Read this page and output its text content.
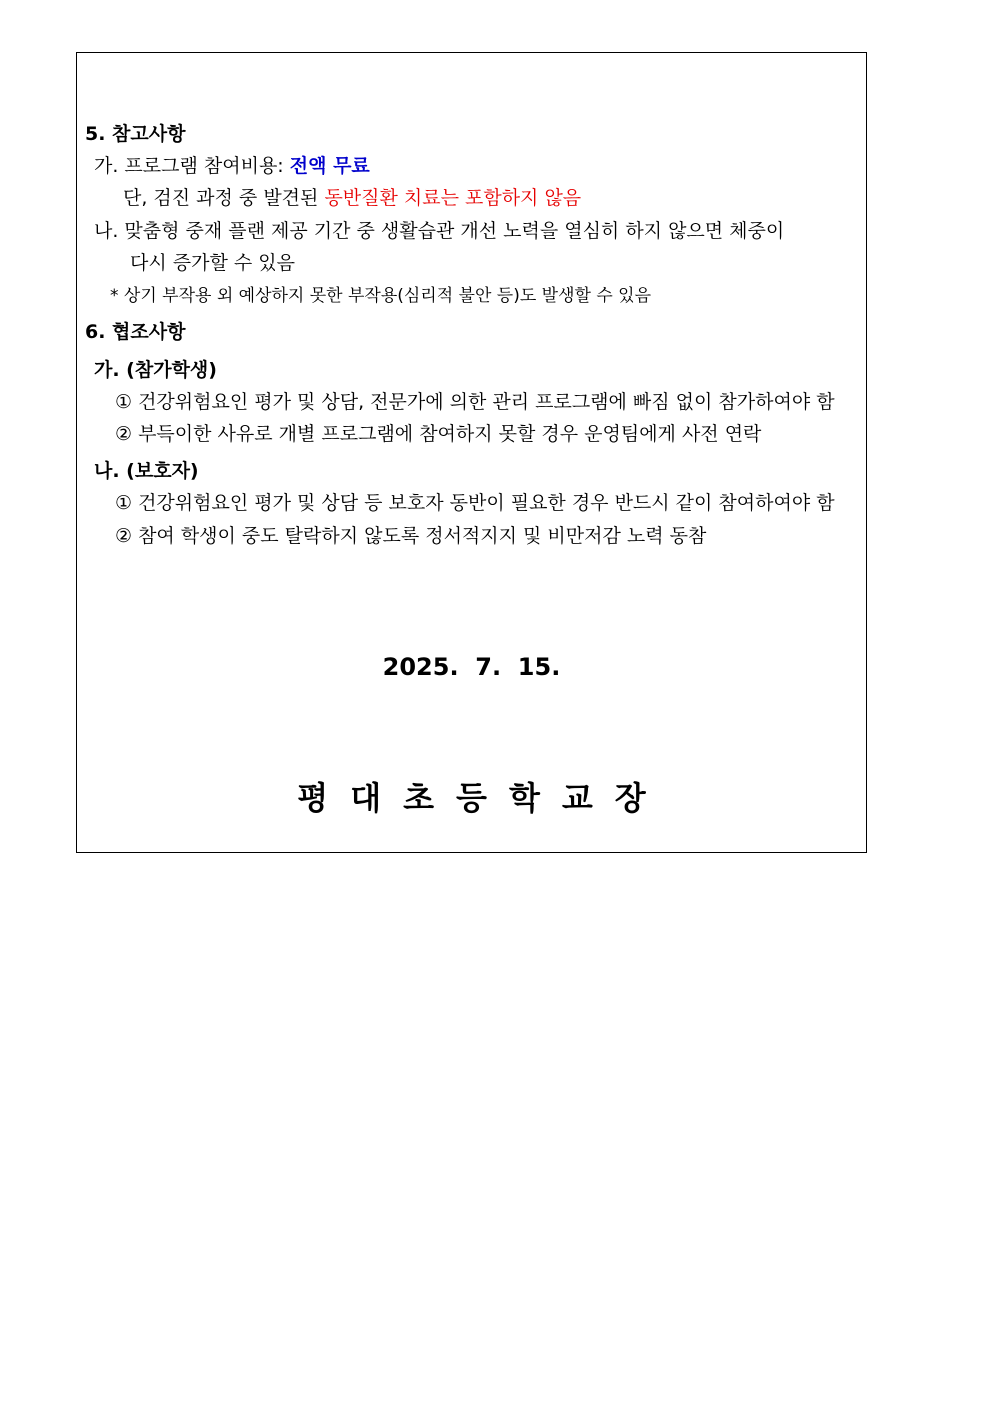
5. 참고사항
가. 프로그램 참여비용: 전액 무료
단, 검진 과정 중 발견된 동반질환 치료는 포함하지 않음
나. 맞춤형 중재 플랜 제공 기간 중 생활습관 개선 노력을 열심히 하지 않으면 체중이
다시 증가할 수 있음
* 상기 부작용 외 예상하지 못한 부작용(심리적 불안 등)도 발생할 수 있음
6. 협조사항
가. (참가학생)
① 건강위험요인 평가 및 상담, 전문가에 의한 관리 프로그램에 빠짐 없이 참가하여야 함
② 부득이한 사유로 개별 프로그램에 참여하지 못할 경우 운영팀에게 사전 연락
나. (보호자)
① 건강위험요인 평가 및 상담 등 보호자 동반이 필요한 경우 반드시 같이 참여하여야 함
② 참여 학생이 중도 탈락하지 않도록 정서적지지 및 비만저감 노력 동참
2025.  7.  15.
평대초등학교장
